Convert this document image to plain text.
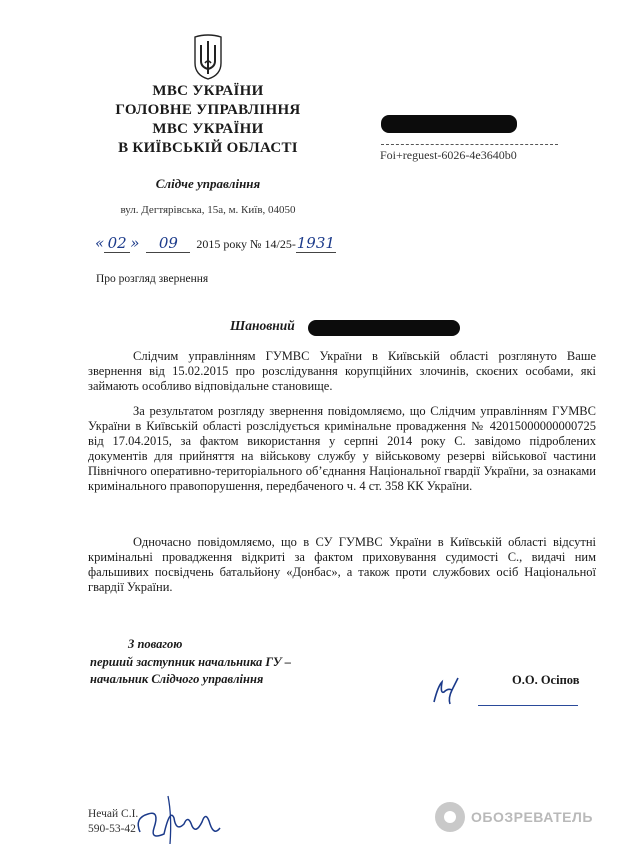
МВС УКРАЇНИ
ГОЛОВНЕ УПРАВЛІННЯ
МВС УКРАЇНИ
В КИЇВСЬКІЙ ОБЛАСТІ
Слідче управління
вул. Дегтярівська, 15а, м. Київ, 04050
« 02 » 09 2015 року № 14/25-1931
Про розгляд звернення
Foi+reguest-6026-4e3640b0
Шановний

Слідчим управлінням ГУМВС України в Київській області розглянуто Ваше звернення від 15.02.2015 про розслідування корупційних злочинів, скоєних особами, які займають особливо відповідальне становище.

За результатом розгляду звернення повідомляємо, що Слідчим управлінням ГУМВС України в Київській області розслідується кримінальне провадження № 42015000000000725 від 17.04.2015, за фактом використання у серпні 2014 року С. завідомо підроблених документів для прийняття на військову службу у військовому резерві військової частини Північного оперативно-територіального об’єднання Національної гвардії України, за ознаками кримінального правопорушення, передбаченого ч. 4 ст. 358 КК України.

Одночасно повідомляємо, що в СУ ГУМВС України в Київській області відсутні кримінальні провадження відкриті за фактом приховування судимості С., видачі ним фальшивих посвідчень батальйону «Донбас», а також проти службових осіб Національної гвардії України.

З повагою
перший заступник начальника ГУ –
начальник Слідчого управління	О.О. Осіпов
Нечай С.І.
590-53-42
ОБОЗРЕВАТЕЛЬ
